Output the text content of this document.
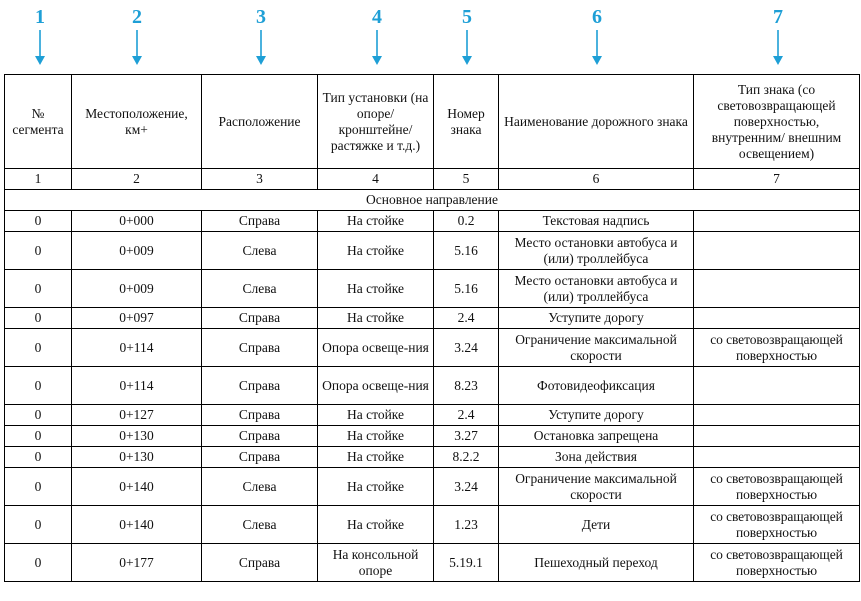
1	2	3	4	5	6	7
№ сегмента	Местоположение, км+	Расположение	Тип установки (на опоре/ кронштейне/ растяжке и т.д.)	Номер знака	Наименование дорожного знака	Тип знака (со световозвращающей поверхностью, внутренним/ внешним освещением)
1	2	3	4	5	6	7
Основное направление						
0	0+000	Справа	На стойке	0.2	Текстовая надпись	
0	0+009	Слева	На стойке	5.16	Место остановки автобуса и (или) троллейбуса	
0	0+009	Слева	На стойке	5.16	Место остановки автобуса и (или) троллейбуса	
0	0+097	Справа	На стойке	2.4	Уступите дорогу	
0	0+114	Справа	Опора освеще-ния	3.24	Ограничение максимальной скорости	со световозвращающей поверхностью
0	0+114	Справа	Опора освеще-ния	8.23	Фотовидеофиксация	
0	0+127	Справа	На стойке	2.4	Уступите дорогу	
0	0+130	Справа	На стойке	3.27	Остановка запрещена	
0	0+130	Справа	На стойке	8.2.2	Зона действия	
0	0+140	Слева	На стойке	3.24	Ограничение максимальной скорости	со световозвращающей поверхностью
0	0+140	Слева	На стойке	1.23	Дети	со световозвращающей поверхностью
0	0+177	Справа	На консольной опоре	5.19.1	Пешеходный переход	со световозвращающей поверхностью
